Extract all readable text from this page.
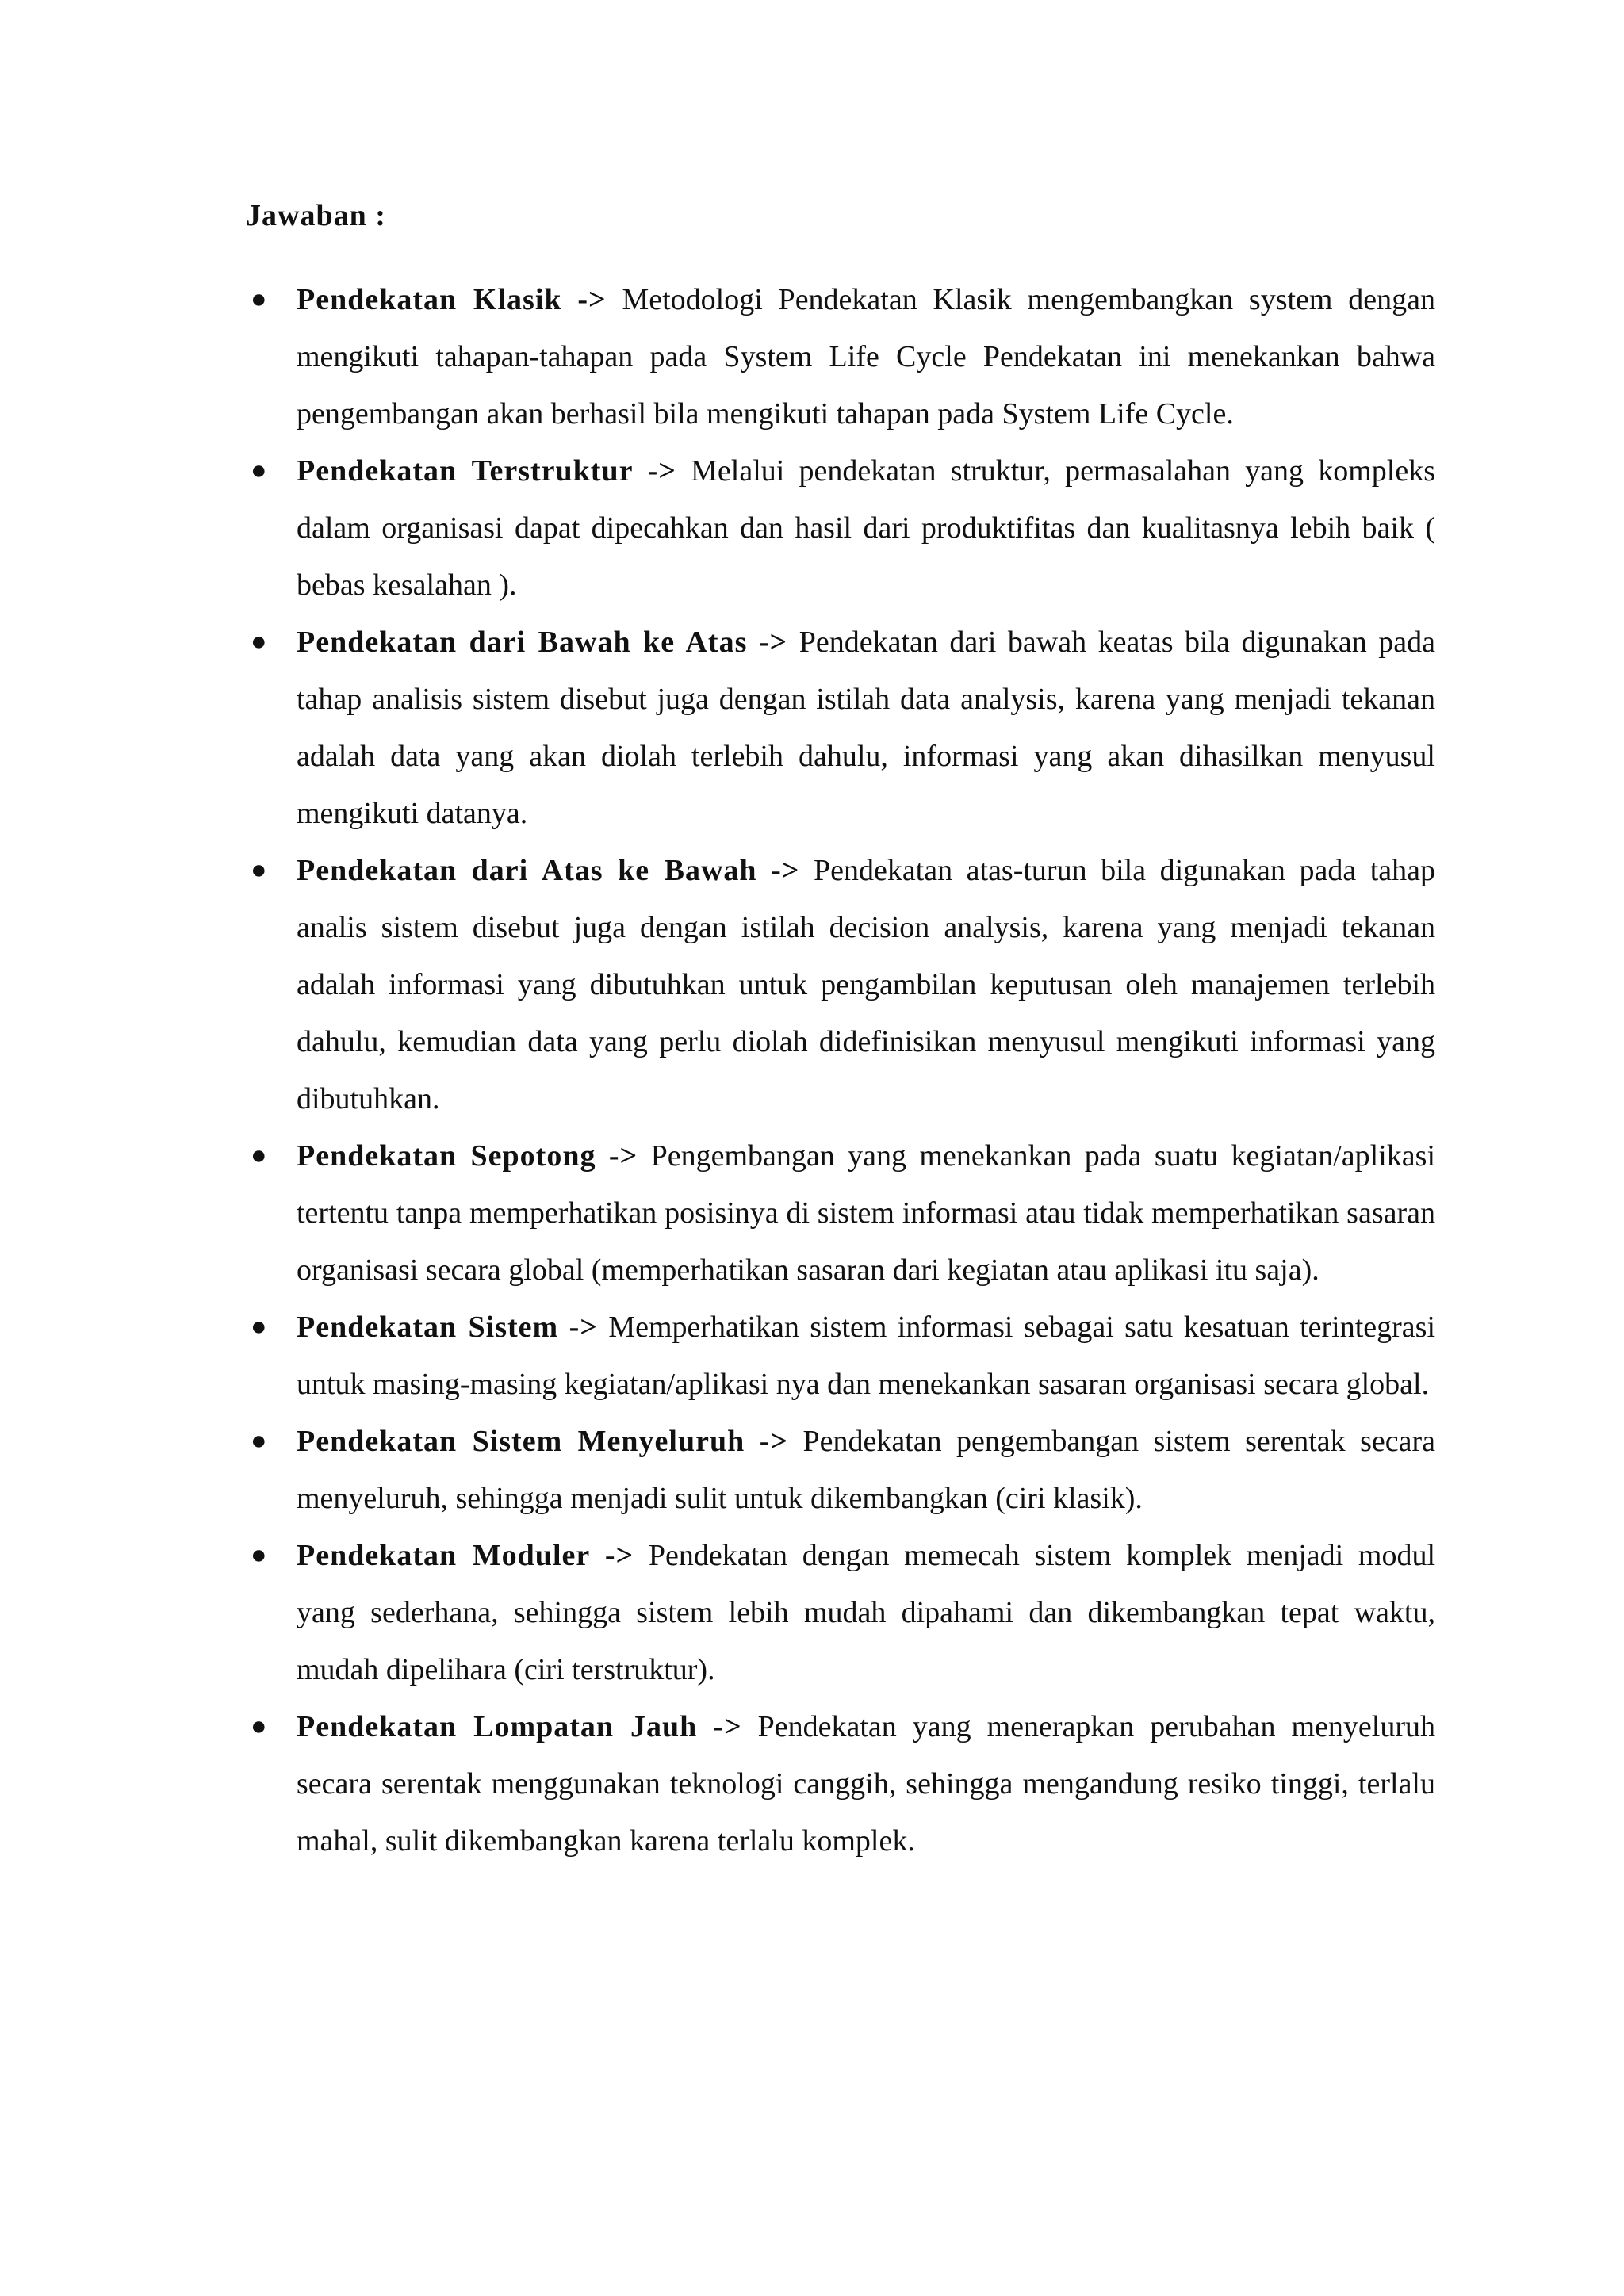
Jawaban :
● Pendekatan Klasik -> Metodologi Pendekatan Klasik mengembangkan system dengan mengikuti tahapan-tahapan pada System Life Cycle Pendekatan ini menekankan bahwa pengembangan akan berhasil bila mengikuti tahapan pada System Life Cycle.
● Pendekatan Terstruktur -> Melalui pendekatan struktur, permasalahan yang kompleks dalam organisasi dapat dipecahkan dan hasil dari produktifitas dan kualitasnya lebih baik ( bebas kesalahan ).
● Pendekatan dari Bawah ke Atas -> Pendekatan dari bawah keatas bila digunakan pada tahap analisis sistem disebut juga dengan istilah data analysis, karena yang menjadi tekanan adalah data yang akan diolah terlebih dahulu, informasi yang akan dihasilkan menyusul mengikuti datanya.
● Pendekatan dari Atas ke Bawah -> Pendekatan atas-turun bila digunakan pada tahap analis sistem disebut juga dengan istilah decision analysis, karena yang menjadi tekanan adalah informasi yang dibutuhkan untuk pengambilan keputusan oleh manajemen terlebih dahulu, kemudian data yang perlu diolah didefinisikan menyusul mengikuti informasi yang dibutuhkan.
● Pendekatan Sepotong -> Pengembangan yang menekankan pada suatu kegiatan/aplikasi tertentu tanpa memperhatikan posisinya di sistem informasi atau tidak memperhatikan sasaran organisasi secara global (memperhatikan sasaran dari kegiatan atau aplikasi itu saja).
● Pendekatan Sistem -> Memperhatikan sistem informasi sebagai satu kesatuan terintegrasi untuk masing-masing kegiatan/aplikasi nya dan menekankan sasaran organisasi secara global.
● Pendekatan Sistem Menyeluruh -> Pendekatan pengembangan sistem serentak secara menyeluruh, sehingga menjadi sulit untuk dikembangkan (ciri klasik).
● Pendekatan Moduler -> Pendekatan dengan memecah sistem komplek menjadi modul yang sederhana, sehingga sistem lebih mudah dipahami dan dikembangkan tepat waktu, mudah dipelihara (ciri terstruktur).
● Pendekatan Lompatan Jauh -> Pendekatan yang menerapkan perubahan menyeluruh secara serentak menggunakan teknologi canggih, sehingga mengandung resiko tinggi, terlalu mahal, sulit dikembangkan karena terlalu komplek.
